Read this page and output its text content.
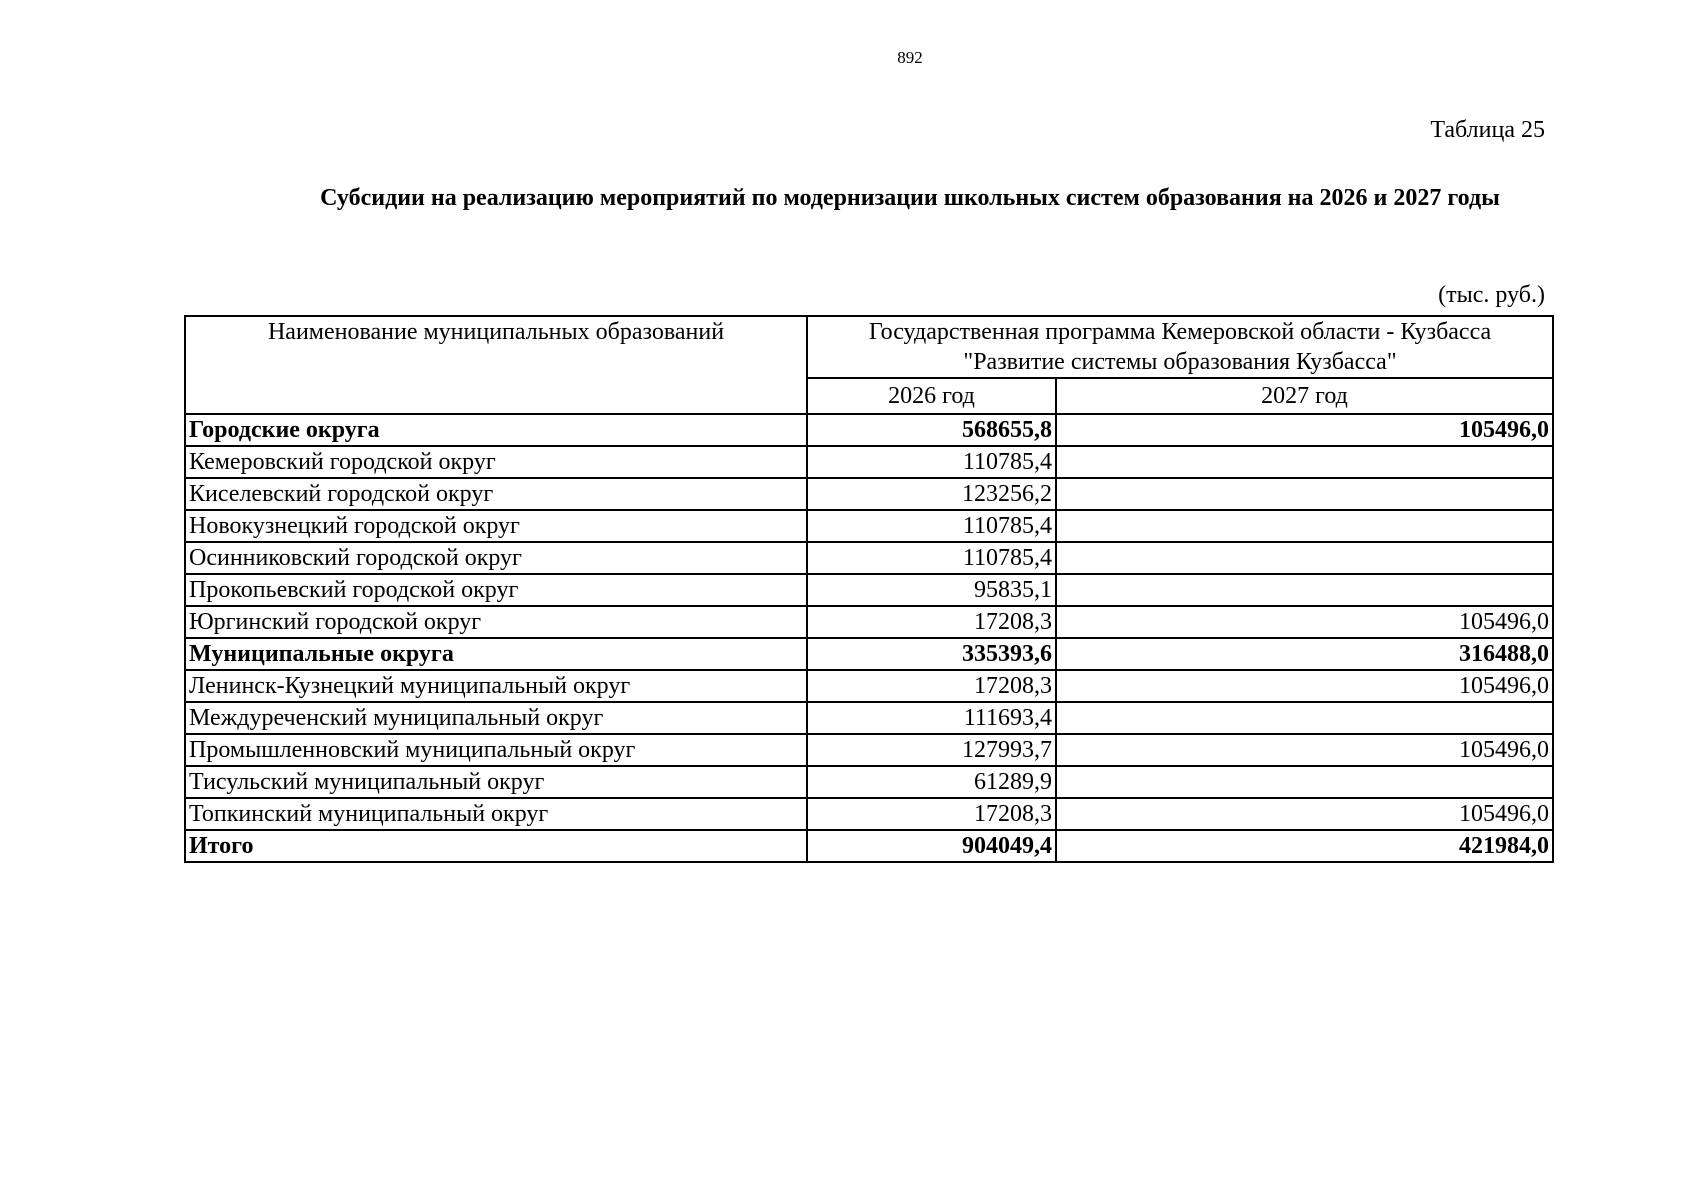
892
Таблица 25
Субсидии на реализацию мероприятий по модернизации школьных систем образования на 2026 и 2027 годы
(тыс. руб.)
Наименование муниципальных образований	Государственная программа Кемеровской области - Кузбасса
"Развитие системы образования Кузбасса"	

	2026 год	2027 год
Городские округа	568655,8	105496,0
Кемеровский городской округ	110785,4	
Киселевский городской округ	123256,2	
Новокузнецкий городской округ	110785,4	
Осинниковский городской округ	110785,4	
Прокопьевский городской округ	95835,1	
Юргинский городской округ	17208,3	105496,0
Муниципальные округа	335393,6	316488,0
Ленинск-Кузнецкий муниципальный округ	17208,3	105496,0
Междуреченский муниципальный округ	111693,4	
Промышленновский муниципальный округ	127993,7	105496,0
Тисульский муниципальный округ	61289,9	
Топкинский муниципальный округ	17208,3	105496,0
Итого	904049,4	421984,0
